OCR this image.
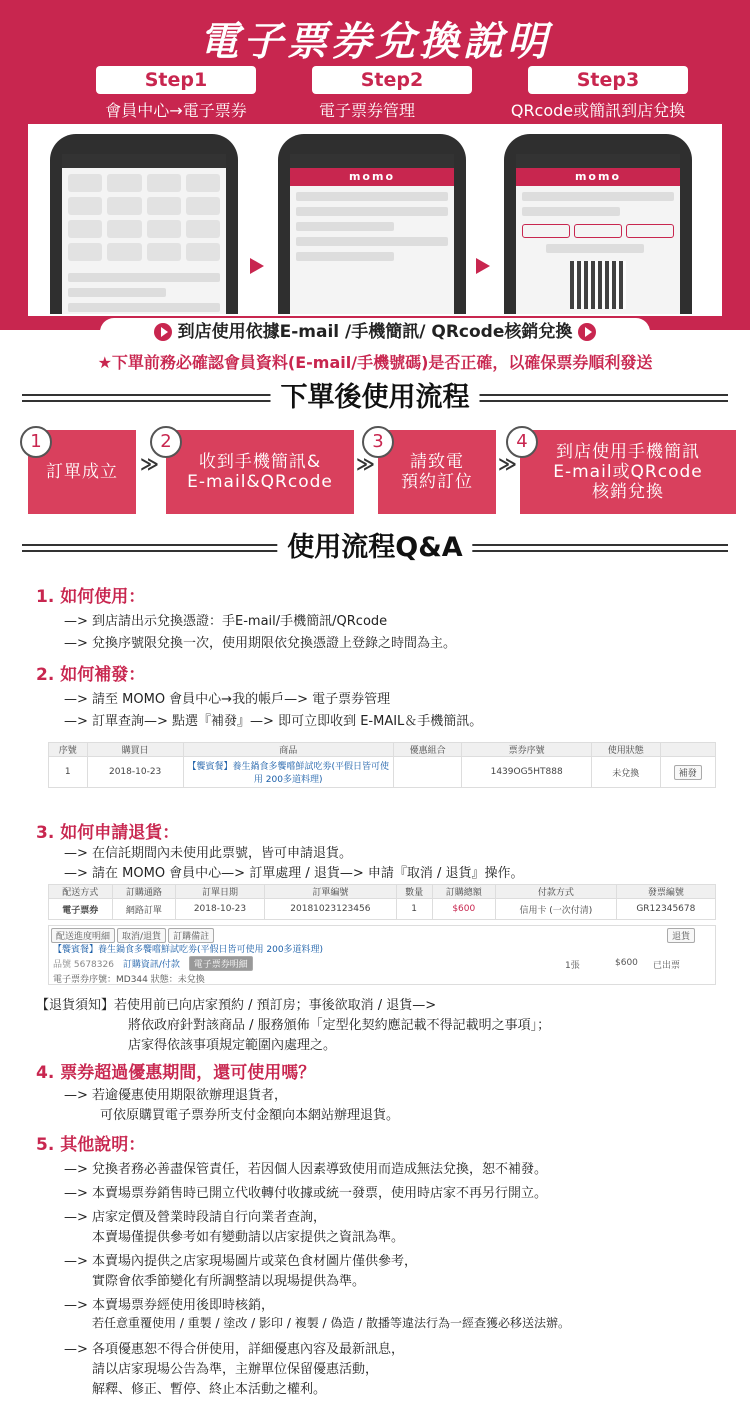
電子票券兌換說明
Step1	Step2	Step3
會員中心→電子票券	電子票券管理	QRcode或簡訊到店兌換
momo	momo
到店使用依據E-mail /手機簡訊/ QRcode核銷兌換
★下單前務必確認會員資料(E-mail/手機號碼)是否正確，以確保票券順利發送
下單後使用流程
訂單成立
1
≫	收到手機簡訊&
E-mail&QRcode
2
≫	請致電
預約訂位
3
≫
到店使用手機簡訊
E-mail或QRcode
核銷兌換
4
使用流程Q&A
1. 如何使用：
—> 到店請出示兌換憑證：手E-mail/手機簡訊/QRcode
—> 兌換序號限兌換一次，使用期限依兌換憑證上登錄之時間為主。
2. 如何補發：
—> 請至 MOMO 會員中心→我的帳戶—> 電子票券管理
—> 訂單查詢—> 點選『補發』—> 即可立即收到 E-MAIL＆手機簡訊。
序號	購買日	商品	優惠組合	票券序號	使用狀態	
1	2018-10-23	【饗賓餐】養生鍋食多饗嚐鮮試吃劵(平假日皆可使用 200多道料理)		1439OG5HT888	未兌換	補發
3. 如何申請退貨：
—> 在信託期間內未使用此票號，皆可申請退貨。
—> 請在 MOMO 會員中心—> 訂單處理 / 退貨—> 申請『取消 / 退貨』操作。
配送方式	訂購通路	訂單日期	訂單編號	數量	訂購總額	付款方式	發票編號
電子票券	網路訂單	2018-10-23	20181023123456	1	$600	信用卡 (一次付清)	GR12345678
配送進度明細	取消/退貨	訂購備註	退貨
【饗賓餐】養生鍋食多饗嚐鮮試吃劵(平假日皆可使用 200多道料理)
品號 5678326 訂購資訊/付款 電子票券明細	1張	$600 已出票
電子票券序號：MD344 狀態：未兌換
【退貨須知】若使用前已向店家預約 / 預訂房；事後欲取消 / 退貨—>
將依政府針對該商品 / 服務頒佈「定型化契約應記載不得記載明之事項」；
店家得依該事項規定範圍內處理之。
4. 票券超過優惠期間，還可使用嗎？
—> 若逾優惠使用期限欲辦理退貨者，
可依原購買電子票券所支付金額向本網站辦理退貨。
5. 其他說明：
—> 兌換者務必善盡保管責任，若因個人因素導致使用而造成無法兌換，恕不補發。
—> 本賣場票券銷售時已開立代收轉付收據或統一發票，使用時店家不再另行開立。
—> 店家定價及營業時段請自行向業者查詢，
本賣場僅提供參考如有變動請以店家提供之資訊為準。
—> 本賣場內提供之店家現場圖片或菜色食材圖片僅供參考，
實際會依季節變化有所調整請以現場提供為準。
—> 本賣場票券經使用後即時核銷，
若任意重覆使用 / 重製 / 塗改 / 影印 / 複製 / 偽造 / 散播等違法行為一經查獲必移送法辦。
—> 各項優惠恕不得合併使用，詳細優惠內容及最新訊息，
請以店家現場公告為準，主辦單位保留優惠活動，
解釋、修正、暫停、終止本活動之權利。
